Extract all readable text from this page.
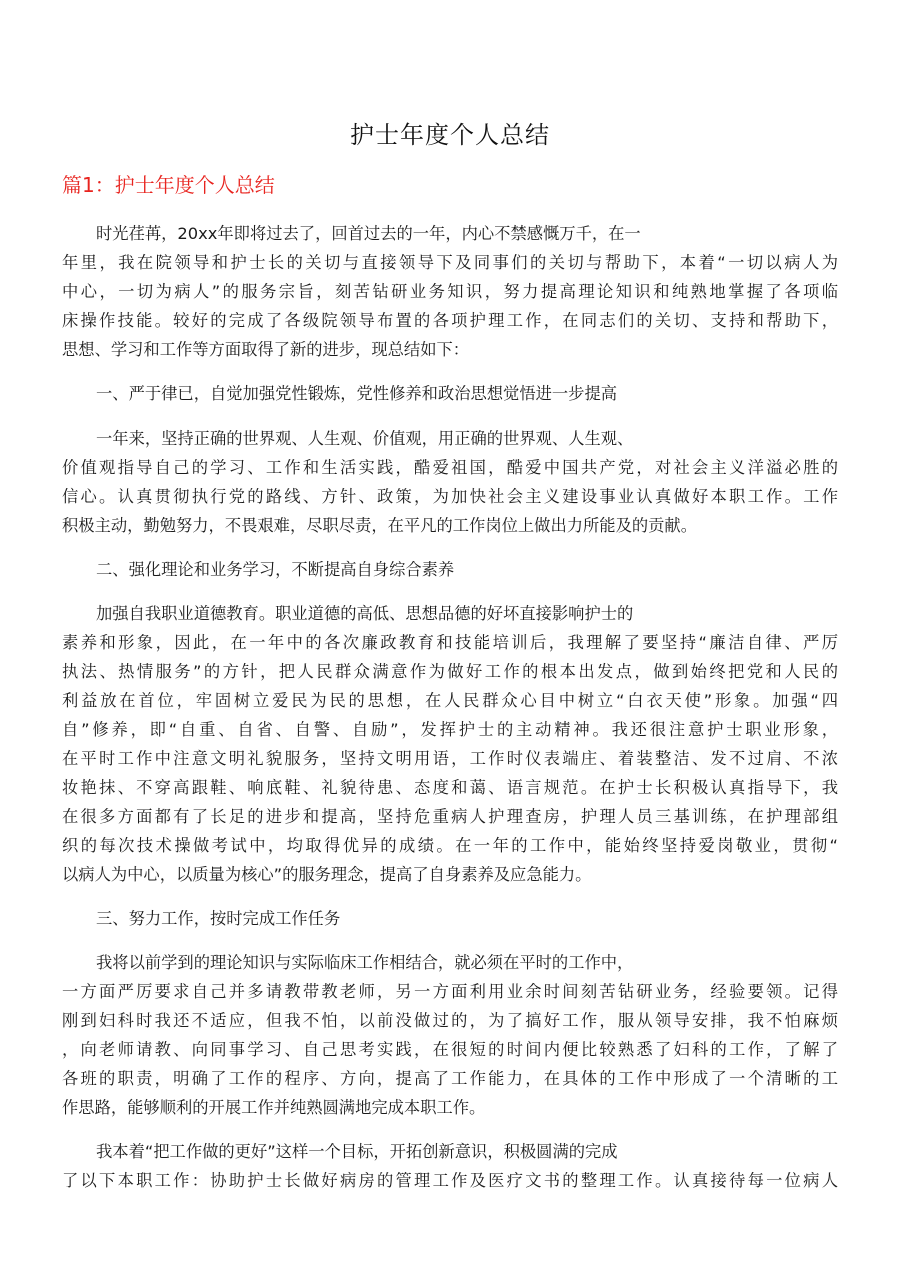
护士年度个人总结
篇1：护士年度个人总结
时光荏苒，20xx年即将过去了，回首过去的一年，内心不禁感慨万千，在一
年里，我在院领导和护士长的关切与直接领导下及同事们的关切与帮助下，本着“一切以病人为
中心，一切为病人”的服务宗旨，刻苦钻研业务知识，努力提高理论知识和纯熟地掌握了各项临
床操作技能。较好的完成了各级院领导布置的各项护理工作，在同志们的关切、支持和帮助下，
思想、学习和工作等方面取得了新的进步，现总结如下：
一、严于律已，自觉加强党性锻炼，党性修养和政治思想觉悟进一步提高
一年来，坚持正确的世界观、人生观、价值观，用正确的世界观、人生观、
价值观指导自己的学习、工作和生活实践，酷爱祖国，酷爱中国共产党，对社会主义洋溢必胜的
信心。认真贯彻执行党的路线、方针、政策，为加快社会主义建设事业认真做好本职工作。工作
积极主动，勤勉努力，不畏艰难，尽职尽责，在平凡的工作岗位上做出力所能及的贡献。
二、强化理论和业务学习，不断提高自身综合素养
加强自我职业道德教育。职业道德的高低、思想品德的好坏直接影响护士的
素养和形象，因此，在一年中的各次廉政教育和技能培训后，我理解了要坚持“廉洁自律、严厉
执法、热情服务”的方针，把人民群众满意作为做好工作的根本出发点，做到始终把党和人民的
利益放在首位，牢固树立爱民为民的思想，在人民群众心目中树立“白衣天使”形象。加强“四
自”修养，即“自重、自省、自警、自励”，发挥护士的主动精神。我还很注意护士职业形象，
在平时工作中注意文明礼貌服务，坚持文明用语，工作时仪表端庄、着装整洁、发不过肩、不浓
妆艳抹、不穿高跟鞋、响底鞋、礼貌待患、态度和蔼、语言规范。在护士长积极认真指导下，我
在很多方面都有了长足的进步和提高，坚持危重病人护理查房，护理人员三基训练，在护理部组
织的每次技术操做考试中，均取得优异的成绩。在一年的工作中，能始终坚持爱岗敬业，贯彻“
以病人为中心，以质量为核心”的服务理念，提高了自身素养及应急能力。
三、努力工作，按时完成工作任务
我将以前学到的理论知识与实际临床工作相结合，就必须在平时的工作中，
一方面严厉要求自己并多请教带教老师，另一方面利用业余时间刻苦钻研业务，经验要领。记得
刚到妇科时我还不适应，但我不怕，以前没做过的，为了搞好工作，服从领导安排，我不怕麻烦
，向老师请教、向同事学习、自己思考实践，在很短的时间内便比较熟悉了妇科的工作，了解了
各班的职责，明确了工作的程序、方向，提高了工作能力，在具体的工作中形成了一个清晰的工
作思路，能够顺利的开展工作并纯熟圆满地完成本职工作。
我本着“把工作做的更好”这样一个目标，开拓创新意识，积极圆满的完成
了以下本职工作：协助护士长做好病房的管理工作及医疗文书的整理工作。认真接待每一位病人
